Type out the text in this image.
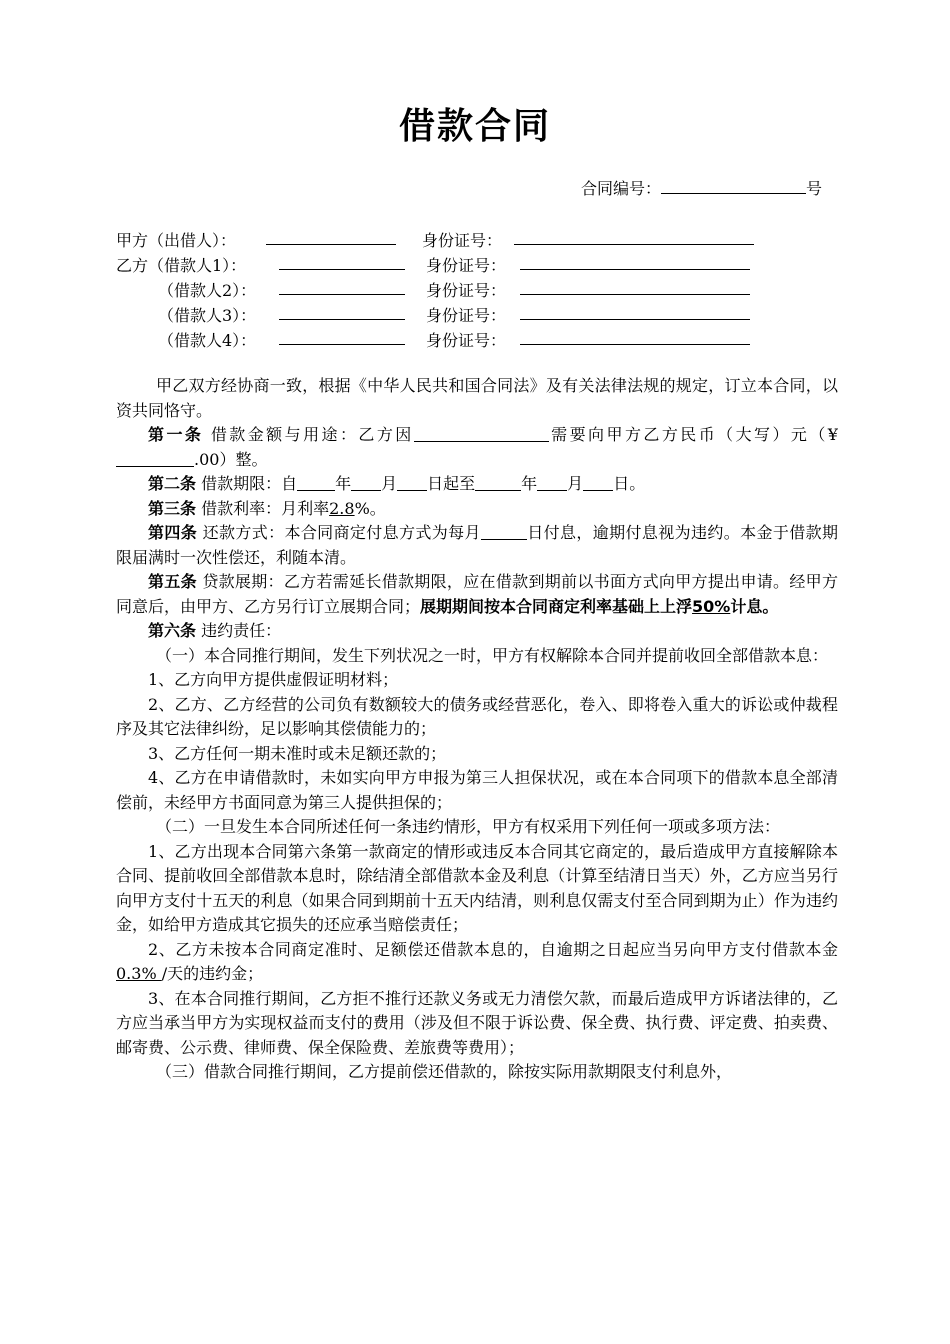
借款合同
合同编号：	号
甲方（出借人）：	身份证号：
乙方（借款人1）：	身份证号：
（借款人2）：	身份证号：
（借款人3）：	身份证号：
（借款人4）：	身份证号：

甲乙双方经协商一致，根据《中华人民共和国合同法》及有关法律法规的规定，订立本合同，以资共同恪守。

第一条 借款金额与用途：乙方因	需要向甲方乙方民币（大写）元（¥.00）整。

第二条 借款期限：自 年 月 日起至	年 月 日。

第三条 借款利率：月利率2.8%。

第四条 还款方式：本合同商定付息方式为每月	日付息，逾期付息视为违约。本金于借款期限届满时一次性偿还，利随本清。

第五条 贷款展期：乙方若需延长借款期限，应在借款到期前以书面方式向甲方提出申请。经甲方同意后，由甲方、乙方另行订立展期合同；展期期间按本合同商定利率基础上上浮50%计息。

第六条 违约责任：

（一）本合同推行期间，发生下列状况之一时，甲方有权解除本合同并提前收回全部借款本息：

1、乙方向甲方提供虚假证明材料；

2、乙方、乙方经营的公司负有数额较大的债务或经营恶化，卷入、即将卷入重大的诉讼或仲裁程序及其它法律纠纷，足以影响其偿债能力的；

3、乙方任何一期未准时或未足额还款的；

4、乙方在申请借款时，未如实向甲方申报为第三人担保状况，或在本合同项下的借款本息全部清偿前，未经甲方书面同意为第三人提供担保的；

（二）一旦发生本合同所述任何一条违约情形，甲方有权采用下列任何一项或多项方法：

1、乙方出现本合同第六条第一款商定的情形或违反本合同其它商定的，最后造成甲方直接解除本合同、提前收回全部借款本息时，除结清全部借款本金及利息（计算至结清日当天）外，乙方应当另行向甲方支付十五天的利息（如果合同到期前十五天内结清，则利息仅需支付至合同到期为止）作为违约金，如给甲方造成其它损失的还应承当赔偿责任；

2、乙方未按本合同商定准时、足额偿还借款本息的，自逾期之日起应当另向甲方支付借款本金 0.3% /天的违约金；

3、在本合同推行期间，乙方拒不推行还款义务或无力清偿欠款，而最后造成甲方诉诸法律的，乙方应当承当甲方为实现权益而支付的费用（涉及但不限于诉讼费、保全费、执行费、评定费、拍卖费、邮寄费、公示费、律师费、保全保险费、差旅费等费用）；

（三）借款合同推行期间，乙方提前偿还借款的，除按实际用款期限支付利息外，
